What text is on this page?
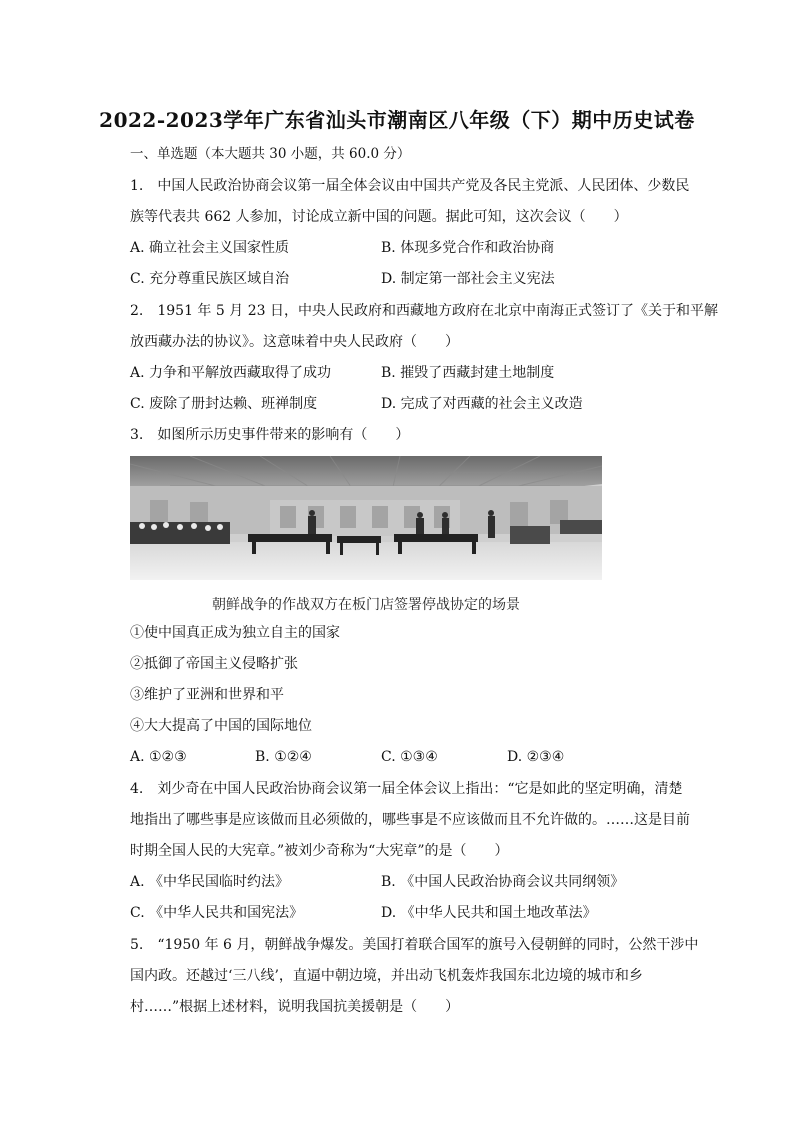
2022-2023学年广东省汕头市潮南区八年级（下）期中历史试卷
一、单选题（本大题共 30 小题，共 60.0 分）
1.　中国人民政治协商会议第一届全体会议由中国共产党及各民主党派、人民团体、少数民
族等代表共 662 人参加，讨论成立新中国的问题。据此可知，这次会议（　　）
A. 确立社会主义国家性质	B. 体现多党合作和政治协商
C. 充分尊重民族区域自治	D. 制定第一部社会主义宪法
2.　1951 年 5 月 23 日，中央人民政府和西藏地方政府在北京中南海正式签订了《关于和平解
放西藏办法的协议》。这意味着中央人民政府（　　）
A. 力争和平解放西藏取得了成功	B. 摧毁了西藏封建土地制度
C. 废除了册封达赖、班禅制度	D. 完成了对西藏的社会主义改造
3.　如图所示历史事件带来的影响有（　　）
朝鲜战争的作战双方在板门店签署停战协定的场景
①使中国真正成为独立自主的国家
②抵御了帝国主义侵略扩张
③维护了亚洲和世界和平
④大大提高了中国的国际地位
A. ①②③	B. ①②④	C. ①③④	D. ②③④
4.　刘少奇在中国人民政治协商会议第一届全体会议上指出：“它是如此的坚定明确，清楚
地指出了哪些事是应该做而且必须做的，哪些事是不应该做而且不允许做的。……这是目前
时期全国人民的大宪章。”被刘少奇称为“大宪章”的是（　　）
A. 《中华民国临时约法》	B. 《中国人民政治协商会议共同纲领》
C. 《中华人民共和国宪法》	D. 《中华人民共和国土地改革法》
5.　“1950 年 6 月，朝鲜战争爆发。美国打着联合国军的旗号入侵朝鲜的同时，公然干涉中
国内政。还越过‘三八线’，直逼中朝边境，并出动飞机轰炸我国东北边境的城市和乡
村……”根据上述材料，说明我国抗美援朝是（　　）
